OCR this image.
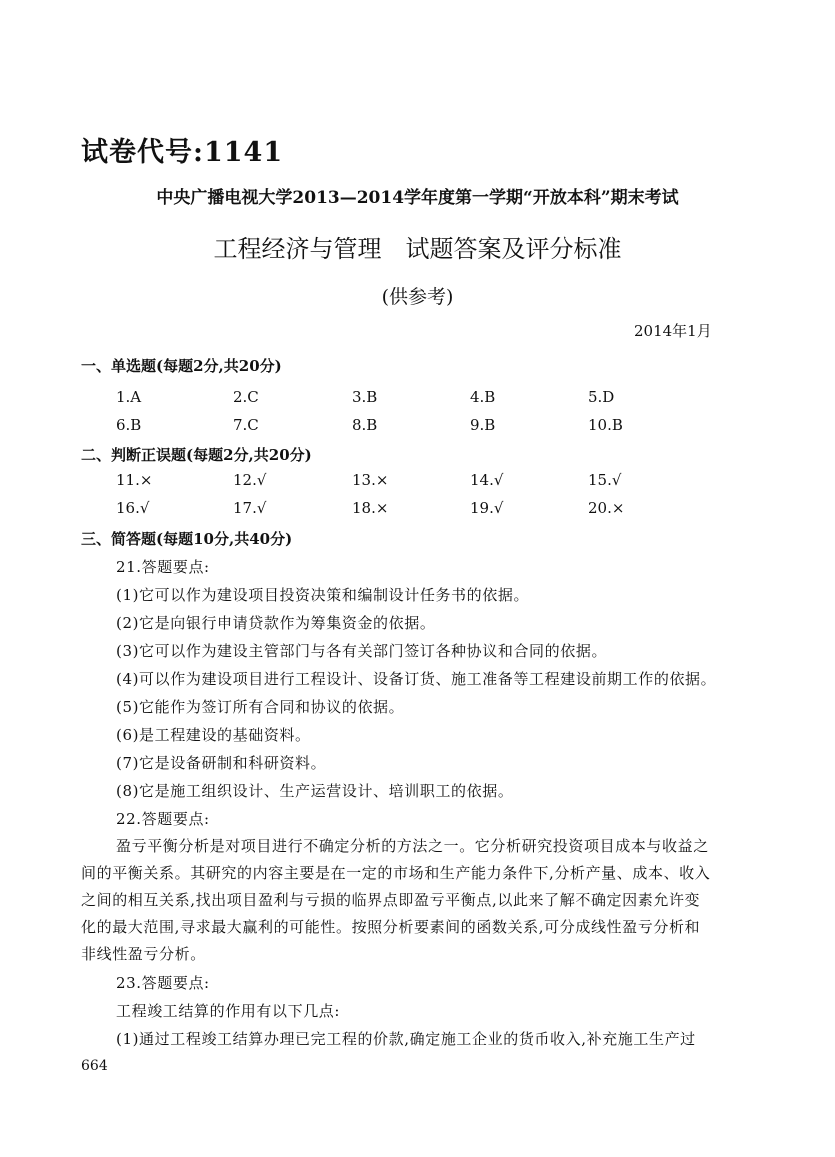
试卷代号:1141
中央广播电视大学2013—2014学年度第一学期“开放本科”期末考试
工程经济与管理　试题答案及评分标准
(供参考)
2014年1月
一、单选题(每题2分,共20分)
1.A	2.C	3.B	4.B	5.D
6.B	7.C	8.B	9.B	10.B
二、判断正误题(每题2分,共20分)
11.×	12.√	13.×	14.√	15.√
16.√	17.√	18.×	19.√	20.×
三、简答题(每题10分,共40分)
21.答题要点:
(1)它可以作为建设项目投资决策和编制设计任务书的依据。
(2)它是向银行申请贷款作为筹集资金的依据。
(3)它可以作为建设主管部门与各有关部门签订各种协议和合同的依据。
(4)可以作为建设项目进行工程设计、设备订货、施工准备等工程建设前期工作的依据。
(5)它能作为签订所有合同和协议的依据。
(6)是工程建设的基础资料。
(7)它是设备研制和科研资料。
(8)它是施工组织设计、生产运营设计、培训职工的依据。
22.答题要点:
盈亏平衡分析是对项目进行不确定分析的方法之一。它分析研究投资项目成本与收益之
间的平衡关系。其研究的内容主要是在一定的市场和生产能力条件下,分析产量、成本、收入
之间的相互关系,找出项目盈利与亏损的临界点即盈亏平衡点,以此来了解不确定因素允许变
化的最大范围,寻求最大赢利的可能性。按照分析要素间的函数关系,可分成线性盈亏分析和
非线性盈亏分析。
23.答题要点:
工程竣工结算的作用有以下几点:
(1)通过工程竣工结算办理已完工程的价款,确定施工企业的货币收入,补充施工生产过
664
